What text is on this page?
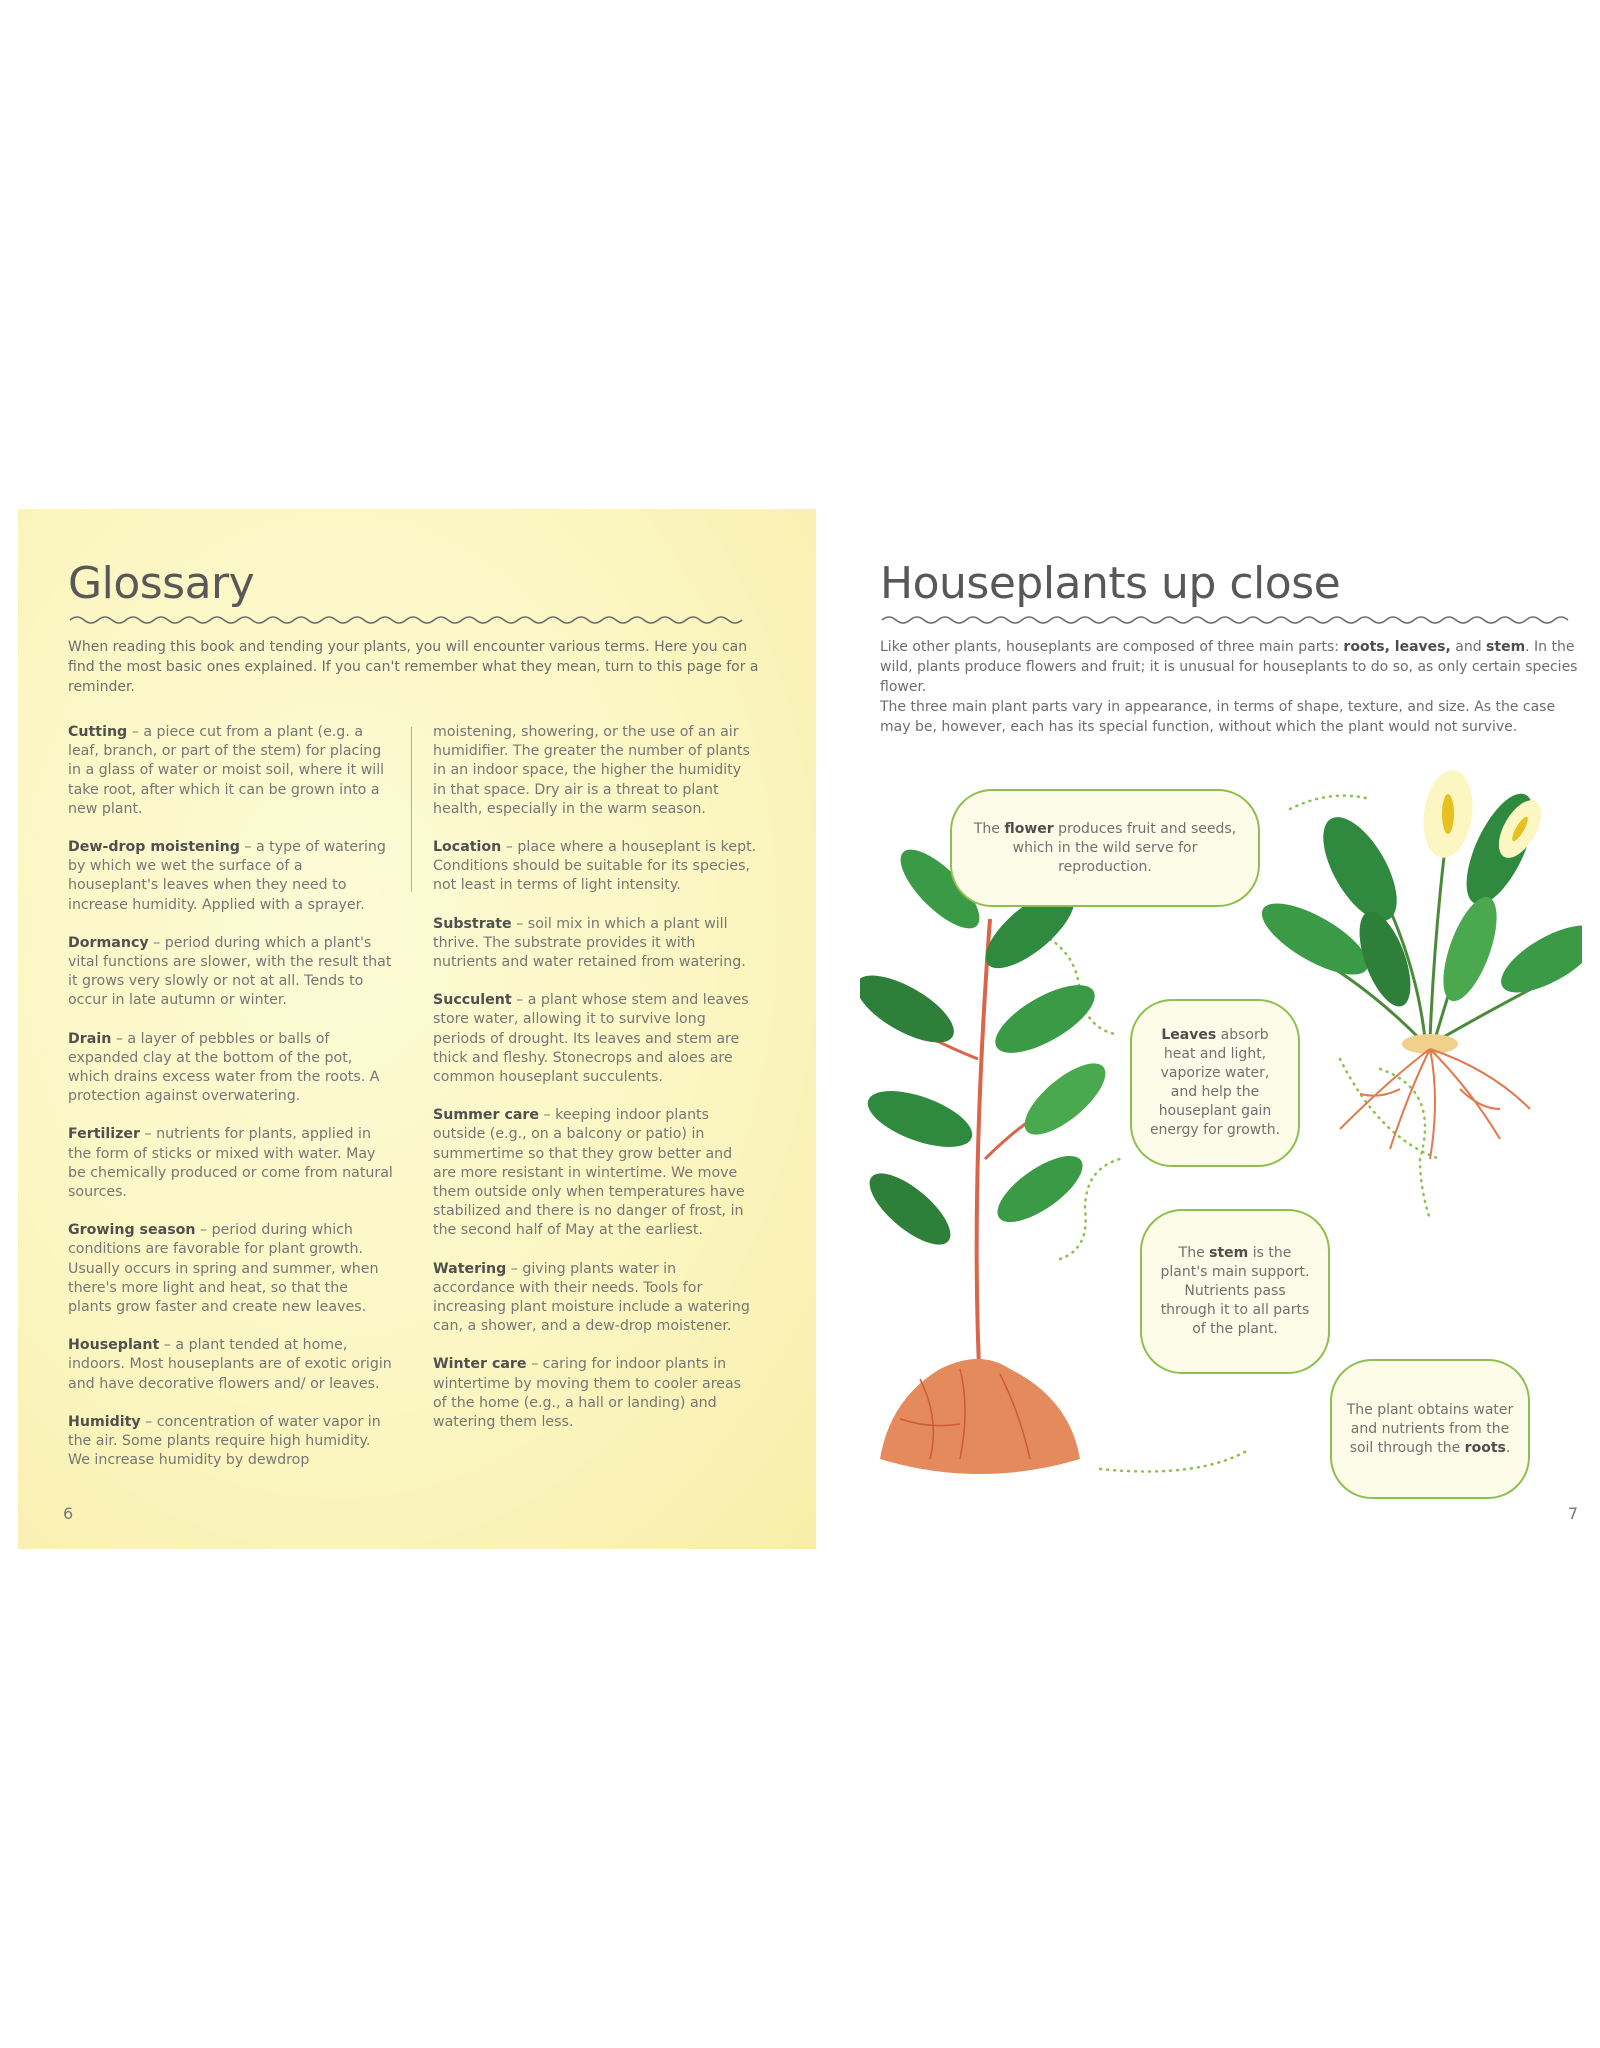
Glossary

When reading this book and tending your plants, you will encounter various terms. Here you can find the most basic ones explained. If you can't remember what they mean, turn to this page for a reminder.

Cutting – a piece cut from a plant (e.g. a leaf, branch, or part of the stem) for placing in a glass of water or moist soil, where it will take root, after which it can be grown into a new plant.

Dew-drop moistening – a type of watering by which we wet the surface of a houseplant's leaves when they need to increase humidity. Applied with a sprayer.

Dormancy – period during which a plant's vital functions are slower, with the result that it grows very slowly or not at all. Tends to occur in late autumn or winter.

Drain – a layer of pebbles or balls of expanded clay at the bottom of the pot, which drains excess water from the roots. A protection against overwatering.

Fertilizer – nutrients for plants, applied in the form of sticks or mixed with water. May be chemically produced or come from natural sources.

Growing season – period during which conditions are favorable for plant growth. Usually occurs in spring and summer, when there's more light and heat, so that the plants grow faster and create new leaves.

Houseplant – a plant tended at home, indoors. Most houseplants are of exotic origin and have decorative flowers and/ or leaves.

Humidity – concentration of water vapor in the air. Some plants require high humidity. We increase humidity by dewdrop

moistening, showering, or the use of an air humidifier. The greater the number of plants in an indoor space, the higher the humidity in that space. Dry air is a threat to plant health, especially in the warm season.

Location – place where a houseplant is kept. Conditions should be suitable for its species, not least in terms of light intensity.

Substrate – soil mix in which a plant will thrive. The substrate provides it with nutrients and water retained from watering.

Succulent – a plant whose stem and leaves store water, allowing it to survive long periods of drought. Its leaves and stem are thick and fleshy. Stonecrops and aloes are common houseplant succulents.

Summer care – keeping indoor plants outside (e.g., on a balcony or patio) in summertime so that they grow better and are more resistant in wintertime. We move them outside only when temperatures have stabilized and there is no danger of frost, in the second half of May at the earliest.

Watering – giving plants water in accordance with their needs. Tools for increasing plant moisture include a watering can, a shower, and a dew-drop moistener.

Winter care – caring for indoor plants in wintertime by moving them to cooler areas of the home (e.g., a hall or landing) and watering them less.

6
Houseplants up close

Like other plants, houseplants are composed of three main parts: roots, leaves, and stem. In the wild, plants produce flowers and fruit; it is unusual for houseplants to do so, as only certain species flower.

The three main plant parts vary in appearance, in terms of shape, texture, and size. As the case may be, however, each has its special function, without which the plant would not survive.

The flower produces fruit and seeds, which in the wild serve for reproduction.
Leaves absorb heat and light, vaporize water, and help the houseplant gain energy for growth.
The stem is the plant's main support. Nutrients pass through it to all parts of the plant.
The plant obtains water and nutrients from the soil through the roots.
7
